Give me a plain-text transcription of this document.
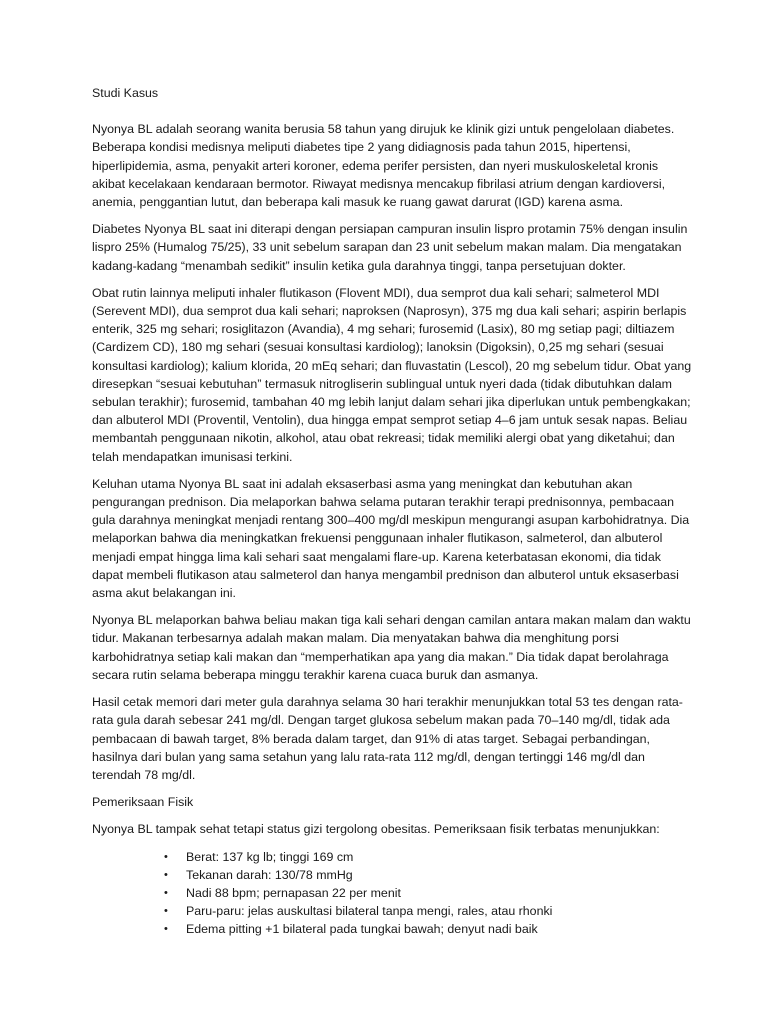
Studi Kasus

Nyonya BL adalah seorang wanita berusia 58 tahun yang dirujuk ke klinik gizi untuk pengelolaan diabetes. Beberapa kondisi medisnya meliputi diabetes tipe 2 yang didiagnosis pada tahun 2015, hipertensi, hiperlipidemia, asma, penyakit arteri koroner, edema perifer persisten, dan nyeri muskuloskeletal kronis akibat kecelakaan kendaraan bermotor. Riwayat medisnya mencakup fibrilasi atrium dengan kardioversi, anemia, penggantian lutut, dan beberapa kali masuk ke ruang gawat darurat (IGD) karena asma.

Diabetes Nyonya BL saat ini diterapi dengan persiapan campuran insulin lispro protamin 75% dengan insulin lispro 25% (Humalog 75/25), 33 unit sebelum sarapan dan 23 unit sebelum makan malam. Dia mengatakan kadang-kadang “menambah sedikit” insulin ketika gula darahnya tinggi, tanpa persetujuan dokter.

Obat rutin lainnya meliputi inhaler flutikason (Flovent MDI), dua semprot dua kali sehari; salmeterol MDI (Serevent MDI), dua semprot dua kali sehari; naproksen (Naprosyn), 375 mg dua kali sehari; aspirin berlapis enterik, 325 mg sehari; rosiglitazon (Avandia), 4 mg sehari; furosemid (Lasix), 80 mg setiap pagi; diltiazem (Cardizem CD), 180 mg sehari (sesuai konsultasi kardiolog); lanoksin (Digoksin), 0,25 mg sehari (sesuai konsultasi kardiolog); kalium klorida, 20 mEq sehari; dan fluvastatin (Lescol), 20 mg sebelum tidur. Obat yang diresepkan “sesuai kebutuhan” termasuk nitrogliserin sublingual untuk nyeri dada (tidak dibutuhkan dalam sebulan terakhir); furosemid, tambahan 40 mg lebih lanjut dalam sehari jika diperlukan untuk pembengkakan; dan albuterol MDI (Proventil, Ventolin), dua hingga empat semprot setiap 4–6 jam untuk sesak napas. Beliau membantah penggunaan nikotin, alkohol, atau obat rekreasi; tidak memiliki alergi obat yang diketahui; dan telah mendapatkan imunisasi terkini.

Keluhan utama Nyonya BL saat ini adalah eksaserbasi asma yang meningkat dan kebutuhan akan pengurangan prednison. Dia melaporkan bahwa selama putaran terakhir terapi prednisonnya, pembacaan gula darahnya meningkat menjadi rentang 300–400 mg/dl meskipun mengurangi asupan karbohidratnya. Dia melaporkan bahwa dia meningkatkan frekuensi penggunaan inhaler flutikason, salmeterol, dan albuterol menjadi empat hingga lima kali sehari saat mengalami flare-up. Karena keterbatasan ekonomi, dia tidak dapat membeli flutikason atau salmeterol dan hanya mengambil prednison dan albuterol untuk eksaserbasi asma akut belakangan ini.

Nyonya BL melaporkan bahwa beliau makan tiga kali sehari dengan camilan antara makan malam dan waktu tidur. Makanan terbesarnya adalah makan malam. Dia menyatakan bahwa dia menghitung porsi karbohidratnya setiap kali makan dan “memperhatikan apa yang dia makan.” Dia tidak dapat berolahraga secara rutin selama beberapa minggu terakhir karena cuaca buruk dan asmanya.

Hasil cetak memori dari meter gula darahnya selama 30 hari terakhir menunjukkan total 53 tes dengan rata-rata gula darah sebesar 241 mg/dl. Dengan target glukosa sebelum makan pada 70–140 mg/dl, tidak ada pembacaan di bawah target, 8% berada dalam target, dan 91% di atas target. Sebagai perbandingan, hasilnya dari bulan yang sama setahun yang lalu rata-rata 112 mg/dl, dengan tertinggi 146 mg/dl dan terendah 78 mg/dl.

Pemeriksaan Fisik

Nyonya BL tampak sehat tetapi status gizi tergolong obesitas. Pemeriksaan fisik terbatas menunjukkan:

• Berat: 137 kg lb; tinggi 169 cm
• Tekanan darah: 130/78 mmHg
• Nadi 88 bpm; pernapasan 22 per menit
• Paru-paru: jelas auskultasi bilateral tanpa mengi, rales, atau rhonki
• Edema pitting +1 bilateral pada tungkai bawah; denyut nadi baik
